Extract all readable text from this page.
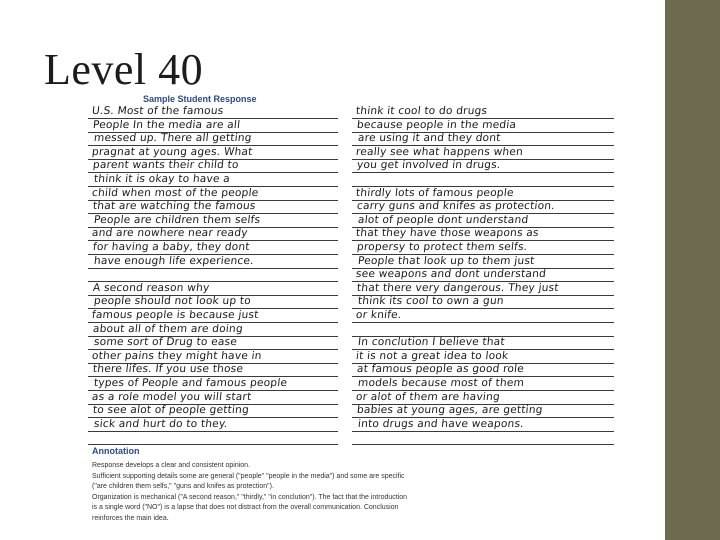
Level 40
Sample Student Response
U.S. Most of the famous
People In the media are all
messed up. There all getting
pragnat at young ages. What
parent wants their child to
think it is okay to have a
child when most of the people
that are watching the famous
People are children them selfs
and are nowhere near ready
for having a baby, they dont
have enough life experience.
A second reason why
people should not look up to
famous people is because just
about all of them are doing
some sort of Drug to ease
other pains they might have in
there lifes. If you use those
types of People and famous people
as a role model you will start
to see alot of people getting
sick and hurt do to they.
think it cool to do drugs
because people in the media
are using it and they dont
really see what happens when
you get involved in drugs.
thirdly lots of famous people
carry guns and knifes as protection.
alot of people dont understand
that they have those weapons as
propersy to protect them selfs.
People that look up to them just
see weapons and dont understand
that there very dangerous. They just
think its cool to own a gun
or knife.
In conclution I believe that
it is not a great idea to look
at famous people as good role
models because most of them
or alot of them are having
babies at young ages, are getting
into drugs and have weapons.
Annotation
Response develops a clear and consistent opinion.
Sufficient supporting details some are general ("people" "people in the media") and some are specific
("are children them selfs," "guns and knifes as protection").
Organization is mechanical ("A second reason," "thirdly," "in conclution"). The fact that the introduction
is a single word ("NO") is a lapse that does not distract from the overall communication. Conclusion
reinforces the main idea.
